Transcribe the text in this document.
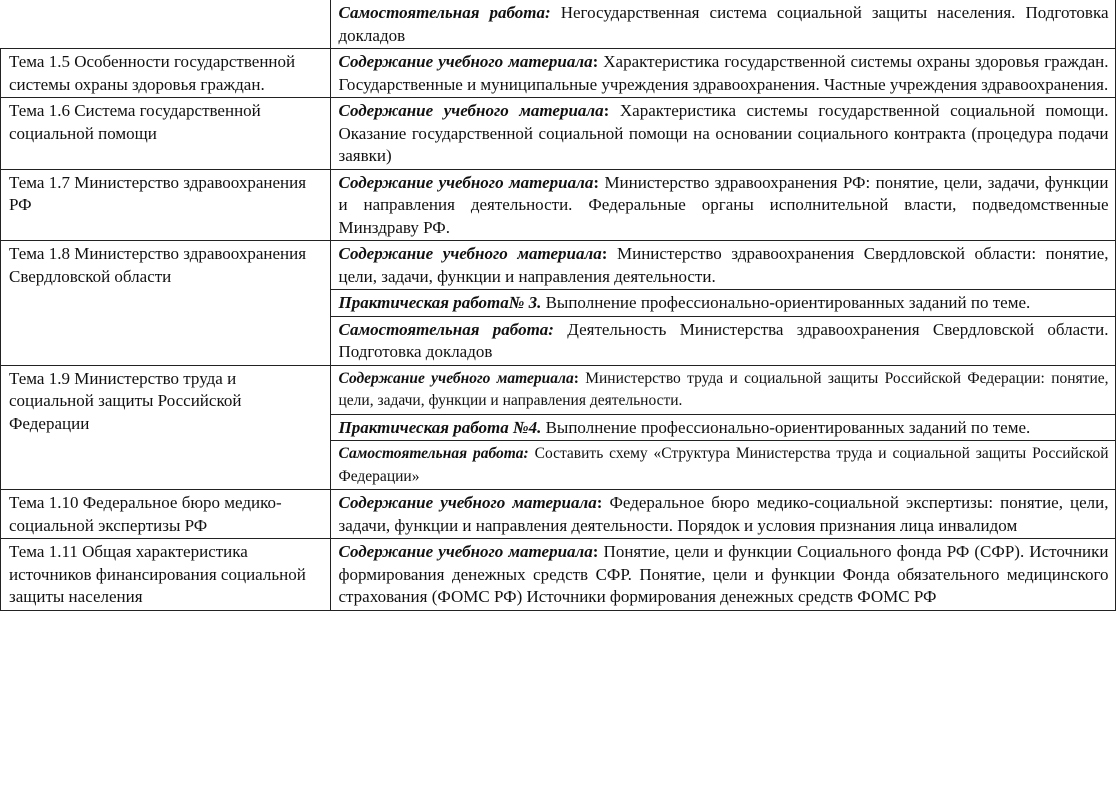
	Самостоятельная работа: Негосударственная система социальной защиты населения. Подготовка докладов
Тема 1.5 Особенности государственной системы охраны здоровья граждан.	Содержание учебного материала: Характеристика государственной системы охраны здоровья граждан. Государственные и муниципальные учреждения здравоохранения. Частные учреждения здравоохранения.
Тема 1.6 Система государственной социальной помощи	Содержание учебного материала: Характеристика системы государственной социальной помощи. Оказание государственной социальной помощи на основании социального контракта (процедура подачи заявки)
Тема 1.7 Министерство здравоохранения РФ	Содержание учебного материала: Министерство здравоохранения РФ: понятие, цели, задачи, функции и направления деятельности. Федеральные органы исполнительной власти, подведомственные Минздраву РФ.
Тема 1.8 Министерство здравоохранения Свердловской области	Содержание учебного материала: Министерство здравоохранения Свердловской области: понятие, цели, задачи, функции и направления деятельности.
	Практическая работа№ 3. Выполнение профессионально-ориентированных заданий по теме.
	Самостоятельная работа: Деятельность Министерства здравоохранения Свердловской области. Подготовка докладов
Тема 1.9 Министерство труда и социальной защиты Российской Федерации	Содержание учебного материала: Министерство труда и социальной защиты Российской Федерации: понятие, цели, задачи, функции и направления деятельности.
	Практическая работа №4. Выполнение профессионально-ориентированных заданий по теме.
	Самостоятельная работа: Составить схему «Структура Министерства труда и социальной защиты Российской Федерации»
Тема 1.10 Федеральное бюро медико-социальной экспертизы РФ	Содержание учебного материала: Федеральное бюро медико-социальной экспертизы: понятие, цели, задачи, функции и направления деятельности. Порядок и условия признания лица инвалидом
Тема 1.11 Общая характеристика источников финансирования социальной защиты населения	Содержание учебного материала: Понятие, цели и функции Социального фонда РФ (СФР). Источники формирования денежных средств СФР. Понятие, цели и функции Фонда обязательного медицинского страхования (ФОМС РФ) Источники формирования денежных средств ФОМС РФ
